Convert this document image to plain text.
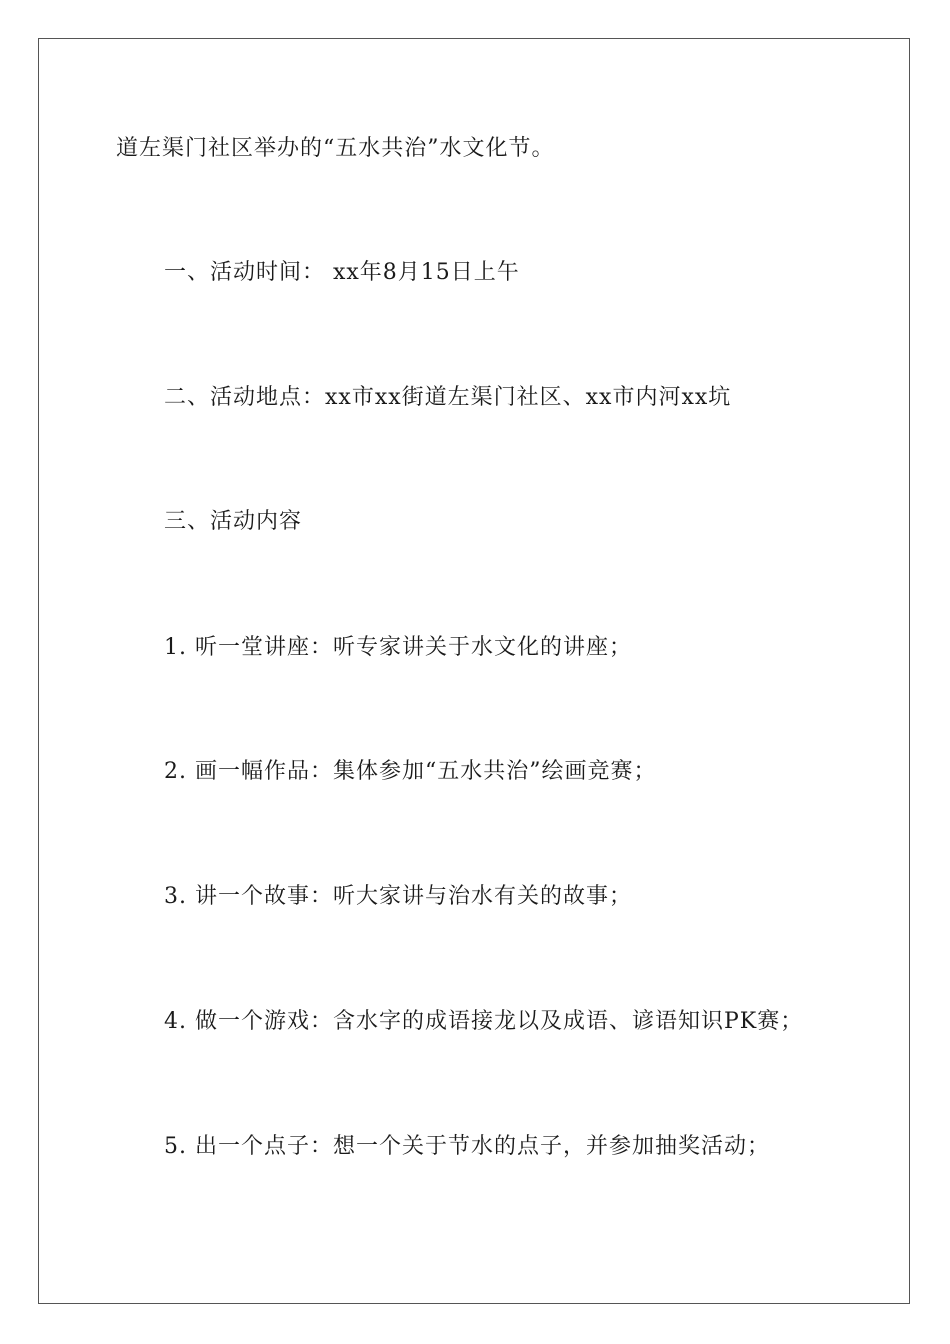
道左渠门社区举办的“五水共治”水文化节。
一、活动时间： xx年8月15日上午
二、活动地点：xx市xx街道左渠门社区、xx市内河xx坑
三、活动内容
1. 听一堂讲座：听专家讲关于水文化的讲座；
2. 画一幅作品：集体参加“五水共治”绘画竞赛；
3. 讲一个故事：听大家讲与治水有关的故事；
4. 做一个游戏：含水字的成语接龙以及成语、谚语知识PK赛；
5. 出一个点子：想一个关于节水的点子，并参加抽奖活动；
